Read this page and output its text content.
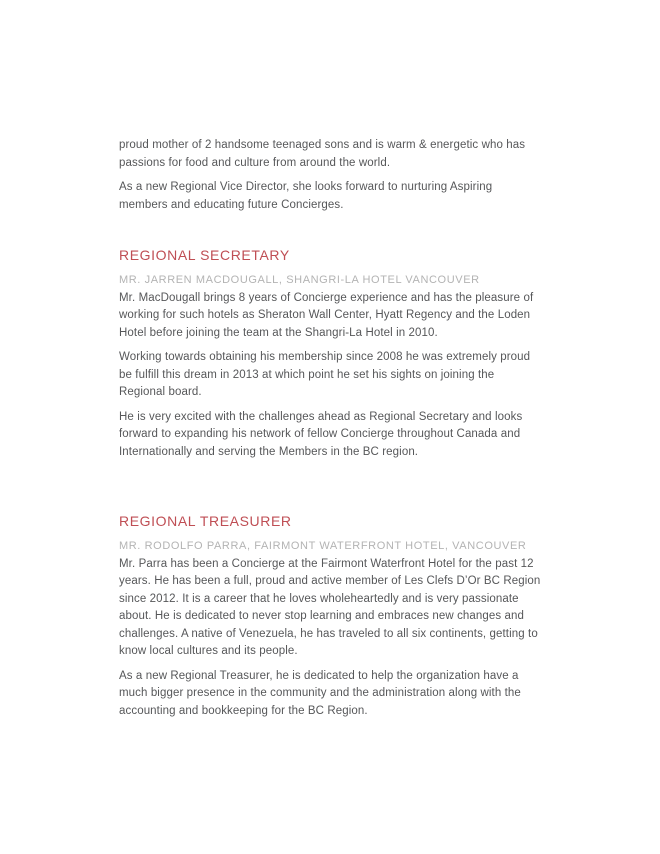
proud mother of 2 handsome teenaged sons and is warm & energetic who has passions for food and culture from around the world.

As a new Regional Vice Director, she looks forward to nurturing Aspiring members and educating future Concierges.

REGIONAL SECRETARY
MR. JARREN MACDOUGALL, SHANGRI-LA HOTEL VANCOUVER

Mr. MacDougall brings 8 years of Concierge experience and has the pleasure of working for such hotels as Sheraton Wall Center, Hyatt Regency and the Loden Hotel before joining the team at the Shangri-La Hotel in 2010.

Working towards obtaining his membership since 2008 he was extremely proud be fulfill this dream in 2013 at which point he set his sights on joining the Regional board.

He is very excited with the challenges ahead as Regional Secretary and looks forward to expanding his network of fellow Concierge throughout Canada and Internationally and serving the Members in the BC region.

REGIONAL TREASURER
MR. RODOLFO PARRA, FAIRMONT WATERFRONT HOTEL, VANCOUVER

Mr. Parra has been a Concierge at the Fairmont Waterfront Hotel for the past 12 years. He has been a full, proud and active member of Les Clefs D’Or BC Region since 2012. It is a career that he loves wholeheartedly and is very passionate about. He is dedicated to never stop learning and embraces new changes and challenges. A native of Venezuela, he has traveled to all six continents, getting to know local cultures and its people.

As a new Regional Treasurer, he is dedicated to help the organization have a much bigger presence in the community and the administration along with the accounting and bookkeeping for the BC Region.
